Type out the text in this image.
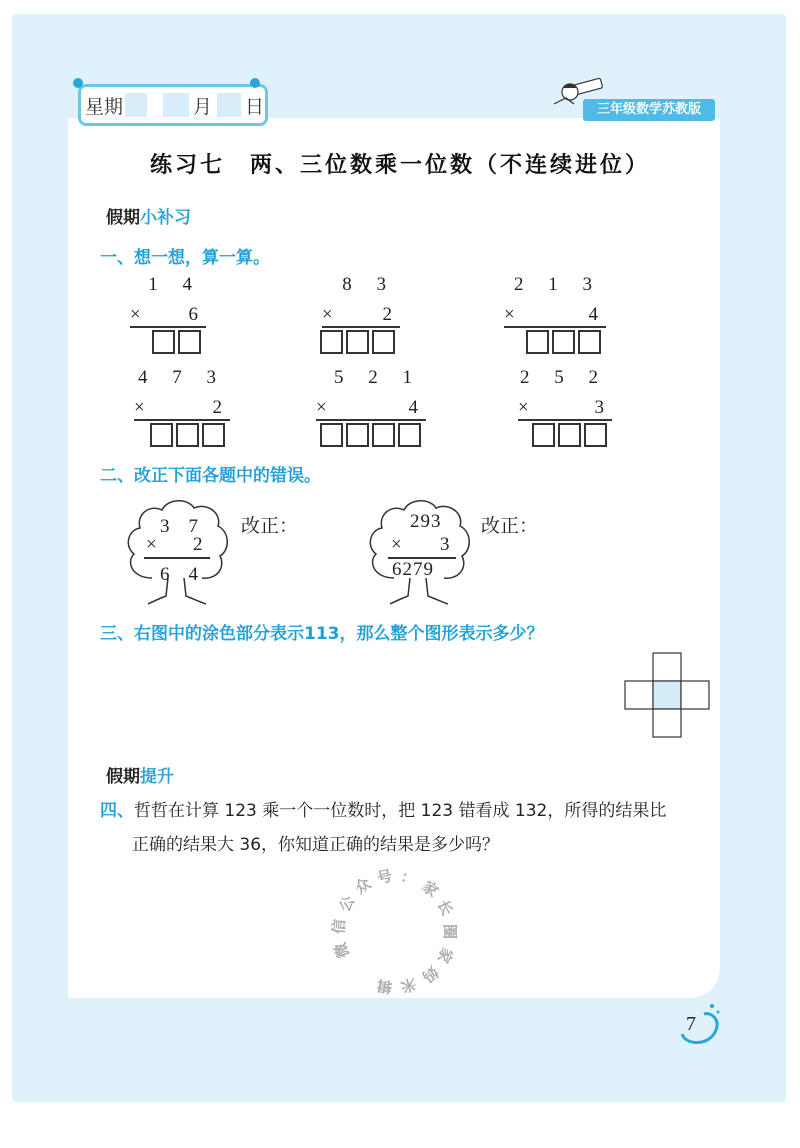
星期	月 日	三年级数学苏教版
练习七　两、三位数乘一位数（不连续进位）
假期小补习
一、想一想，算一算。
1 4
×	6
8 3
×	2
2 1 3
×	4
4 7 3
×	2
5 2 1
×	4
2 5 2
×	3
二、改正下面各题中的错误。
3　7
× 2
6　4
改正：	293
× 3
6279
改正：
三、右图中的涂色部分表示113，那么整个图形表示多少？
假期提升
四、哲哲在计算 123 乘一个一位数时，把 123 错看成 132，所得的结果比
正确的结果大 36，你知道正确的结果是多少吗？
微
信
公
众 号 ： 家
长
圈
家
妈
米
辑
7
